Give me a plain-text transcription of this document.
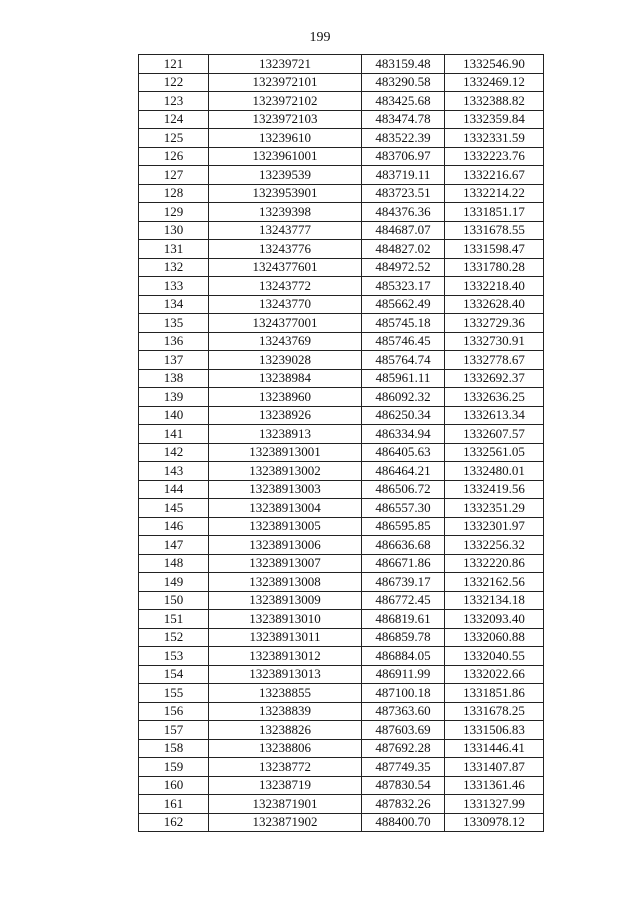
199
121	13239721	483159.48	1332546.90
122	1323972101	483290.58	1332469.12
123	1323972102	483425.68	1332388.82
124	1323972103	483474.78	1332359.84
125	13239610	483522.39	1332331.59
126	1323961001	483706.97	1332223.76
127	13239539	483719.11	1332216.67
128	1323953901	483723.51	1332214.22
129	13239398	484376.36	1331851.17
130	13243777	484687.07	1331678.55
131	13243776	484827.02	1331598.47
132	1324377601	484972.52	1331780.28
133	13243772	485323.17	1332218.40
134	13243770	485662.49	1332628.40
135	1324377001	485745.18	1332729.36
136	13243769	485746.45	1332730.91
137	13239028	485764.74	1332778.67
138	13238984	485961.11	1332692.37
139	13238960	486092.32	1332636.25
140	13238926	486250.34	1332613.34
141	13238913	486334.94	1332607.57
142	13238913001	486405.63	1332561.05
143	13238913002	486464.21	1332480.01
144	13238913003	486506.72	1332419.56
145	13238913004	486557.30	1332351.29
146	13238913005	486595.85	1332301.97
147	13238913006	486636.68	1332256.32
148	13238913007	486671.86	1332220.86
149	13238913008	486739.17	1332162.56
150	13238913009	486772.45	1332134.18
151	13238913010	486819.61	1332093.40
152	13238913011	486859.78	1332060.88
153	13238913012	486884.05	1332040.55
154	13238913013	486911.99	1332022.66
155	13238855	487100.18	1331851.86
156	13238839	487363.60	1331678.25
157	13238826	487603.69	1331506.83
158	13238806	487692.28	1331446.41
159	13238772	487749.35	1331407.87
160	13238719	487830.54	1331361.46
161	1323871901	487832.26	1331327.99
162	1323871902	488400.70	1330978.12
